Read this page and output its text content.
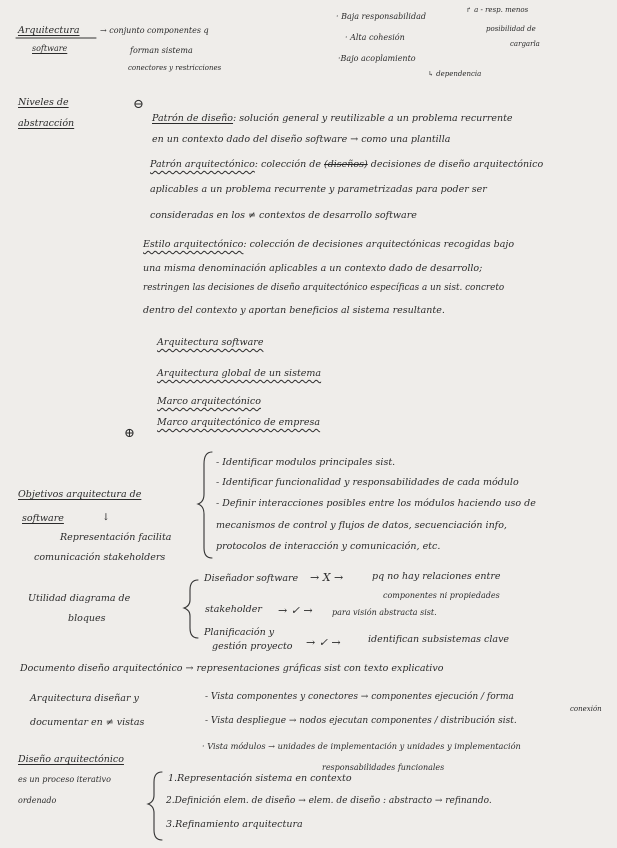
Arquitectura
software
→ conjunto componentes q
forman sistema
conectores y restricciones
· Baja responsabilidad
· Alta cohesión
·Bajo acoplamiento
↳ dependencia
↱ a - resp. menos
posibilidad de
cargarla
Niveles de
abstracción
⊖
Patrón de diseño: solución general y reutilizable a un problema recurrente
en un contexto dado del diseño software → como una plantilla
Patrón arquitectónico: colección de (diseños) decisiones de diseño arquitectónico
aplicables a un problema recurrente y parametrizadas para poder ser
consideradas en los ≠ contextos de desarrollo software
Estilo arquitectónico: colección de decisiones arquitectónicas recogidas bajo
una misma denominación aplicables a un contexto dado de desarrollo;
restringen las decisiones de diseño arquitectónico específicas a un sist. concreto
dentro del contexto y aportan beneficios al sistema resultante.
Arquitectura software
Arquitectura global de un sistema
Marco arquitectónico
Marco arquitectónico de empresa
⊕
Objetivos arquitectura de
software	↓
Representación facilita
comunicación stakeholders
- Identificar modulos principales sist.
- Identificar funcionalidad y responsabilidades de cada módulo
- Definir interacciones posibles entre los módulos haciendo uso de
mecanismos de control y flujos de datos, secuenciación info,
protocolos de interacción y comunicación, etc.
Utilidad diagrama de
bloques
Diseñador software → X →	pq no hay relaciones entre
componentes ni propiedades
stakeholder → ✓ → para visión abstracta sist.
Planificación y
gestión proyecto → ✓ →	identifican subsistemas clave
Documento diseño arquitectónico → representaciones gráficas sist con texto explicativo
Arquitectura diseñar y
documentar en ≠ vistas
- Vista componentes y conectores → componentes ejecución / forma
conexión
- Vista despliegue → nodos ejecutan componentes / distribución sist.
· Vista módulos → unidades de implementación y unidades y implementación
responsabilidades funcionales
Diseño arquitectónico
es un proceso iterativo
ordenado
1.Representación sistema en contexto
2.Definición elem. de diseño → elem. de diseño : abstracto → refinando.
3.Refinamiento arquitectura
